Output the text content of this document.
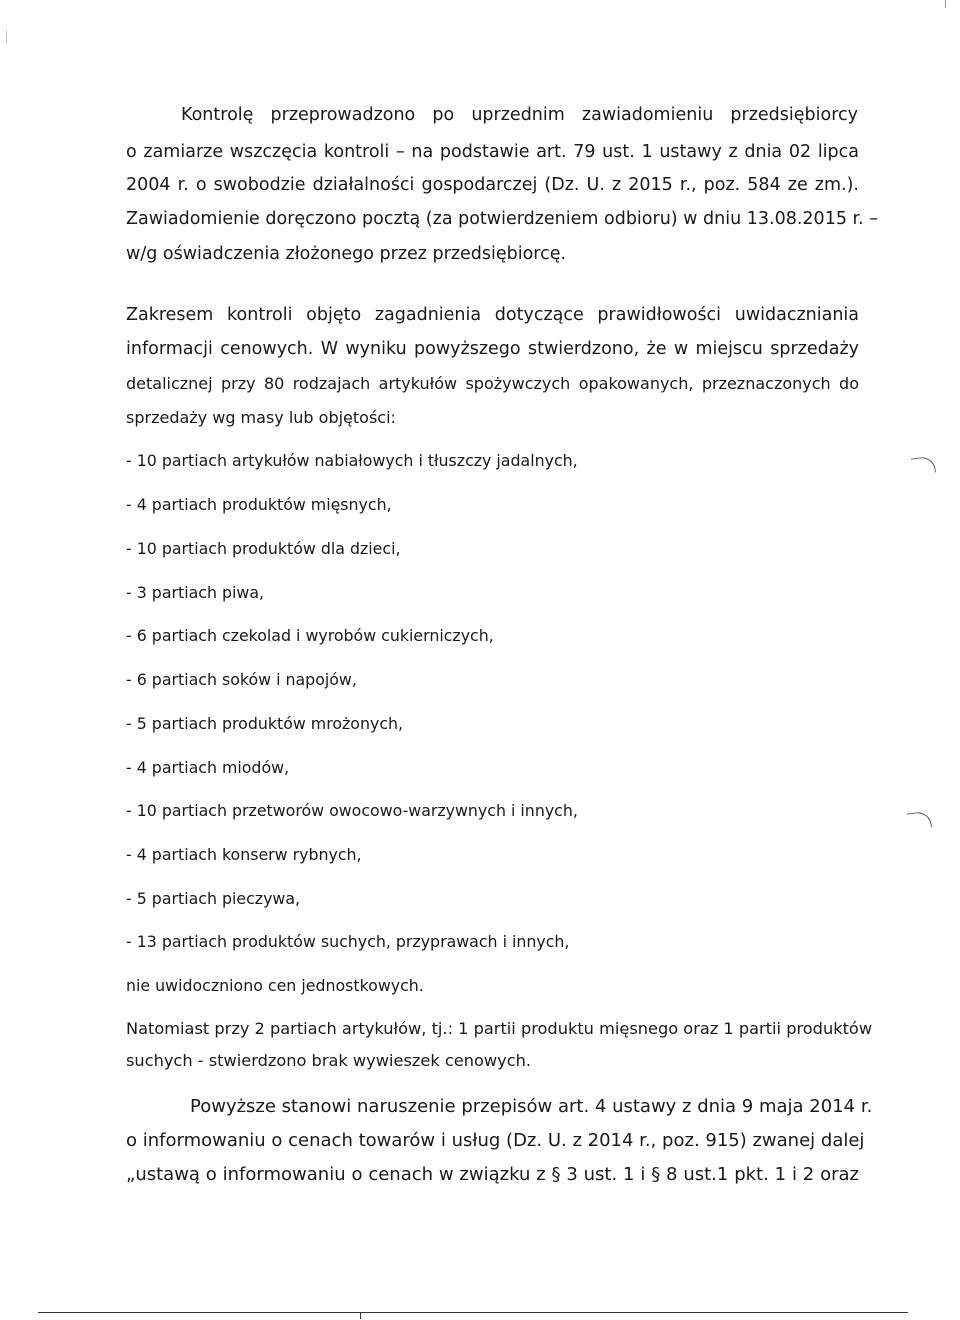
Kontrolę przeprowadzono po uprzednim zawiadomieniu przedsiębiorcy

o zamiarze wszczęcia kontroli – na podstawie art. 79 ust. 1 ustawy z dnia 02 lipca

2004 r. o swobodzie działalności gospodarczej (Dz. U. z 2015 r., poz. 584 ze zm.).

Zawiadomienie doręczono pocztą (za potwierdzeniem odbioru) w dniu 13.08.2015 r. –

w/g oświadczenia złożonego przez przedsiębiorcę.

Zakresem kontroli objęto zagadnienia dotyczące prawidłowości uwidaczniania

informacji cenowych. W wyniku powyższego stwierdzono, że w miejscu sprzedaży

detalicznej przy 80 rodzajach artykułów spożywczych opakowanych, przeznaczonych do

sprzedaży wg masy lub objętości:

- 10 partiach artykułów nabiałowych i tłuszczy jadalnych,

- 4 partiach produktów mięsnych,

- 10 partiach produktów dla dzieci,

- 3 partiach piwa,

- 6 partiach czekolad i wyrobów cukierniczych,

- 6 partiach soków i napojów,

- 5 partiach produktów mrożonych,

- 4 partiach miodów,

- 10 partiach przetworów owocowo-warzywnych i innych,

- 4 partiach konserw rybnych,

- 5 partiach pieczywa,

- 13 partiach produktów suchych, przyprawach i innych,

nie uwidoczniono cen jednostkowych.

Natomiast przy 2 partiach artykułów, tj.: 1 partii produktu mięsnego oraz 1 partii produktów

suchych - stwierdzono brak wywieszek cenowych.

Powyższe stanowi naruszenie przepisów art. 4 ustawy z dnia 9 maja 2014 r.

o informowaniu o cenach towarów i usług (Dz. U. z 2014 r., poz. 915) zwanej dalej

„ustawą o informowaniu o cenach w związku z § 3 ust. 1 i § 8 ust.1 pkt. 1 i 2 oraz
